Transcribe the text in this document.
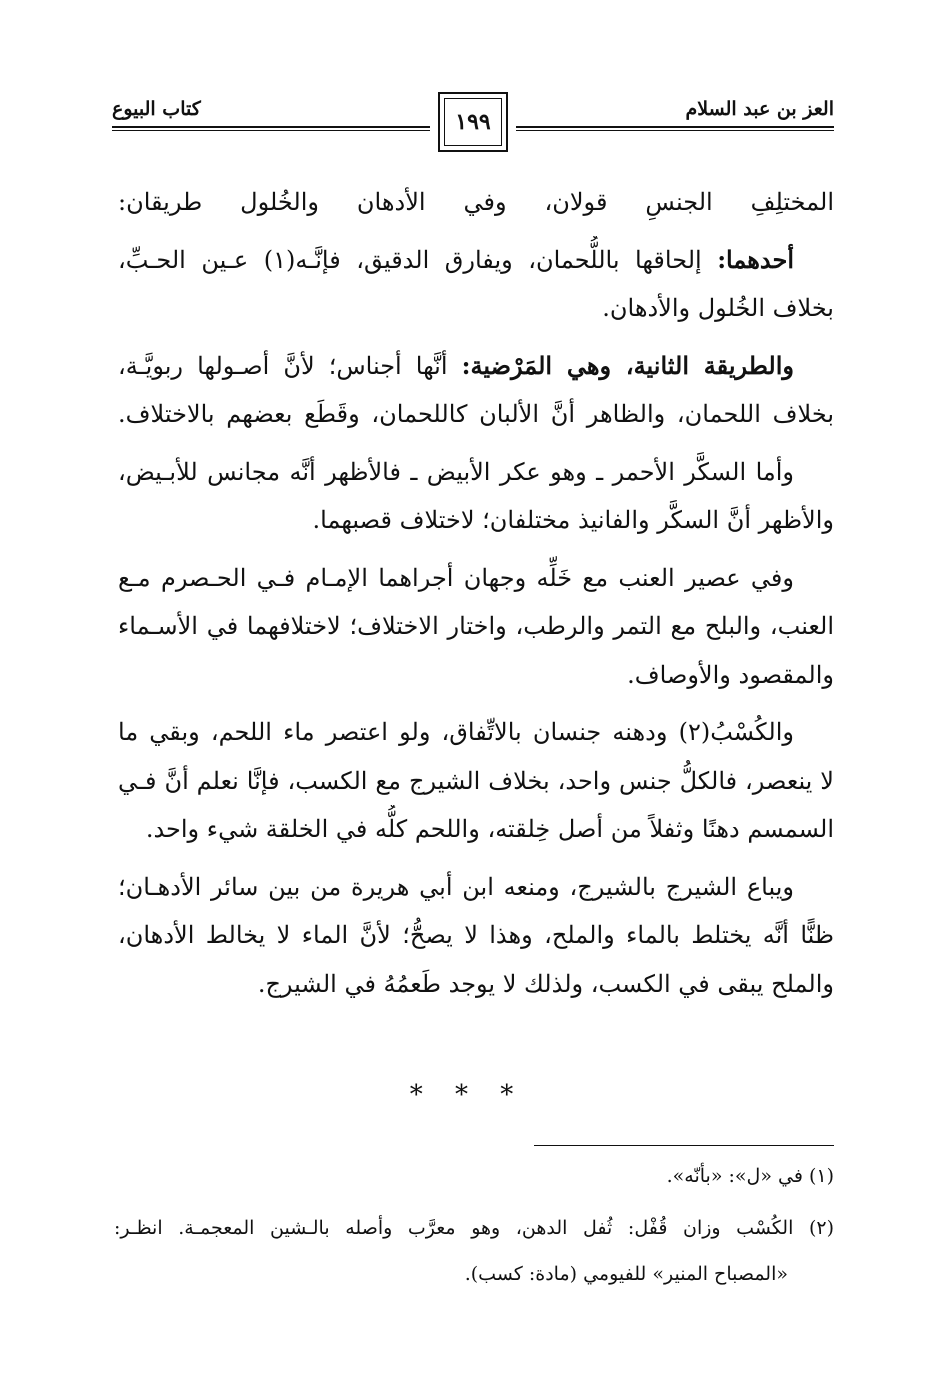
العز بن عبد السلام
١٩٩
كتاب البيوع
المختلِفِ الجنسِ قولان، وفي الأدهان والخُلول طريقان:
أحدهما: إلحاقها باللُّحمان، ويفارق الدقيق، فإنَّـه(١) عـين الحـبِّ،
بخلاف الخُلول والأدهان.
والطريقة الثانية، وهي المَرْضية: أنَّها أجناس؛ لأنَّ أصـولها ربويَّـة،
بخلاف اللحمان، والظاهر أنَّ الألبان كاللحمان، وقَطَع بعضهم بالاختلاف.
وأما السكَّر الأحمر ـ وهو عكر الأبيض ـ فالأظهر أنَّه مجانس للأبـيض،
والأظهر أنَّ السكَّر والفانيذ مختلفان؛ لاختلاف قصبهما.
وفي عصير العنب مع خَلِّه وجهان أجراهما الإمـام فـي الحـصرم مـع
العنب، والبلح مع التمر والرطب، واختار الاختلاف؛ لاختلافهما في الأسـماء
والمقصود والأوصاف.
والكُسْبُ(٢) ودهنه جنسان بالاتِّفاق، ولو اعتصر ماء اللحم، وبقي ما
لا ينعصر، فالكلُّ جنس واحد، بخلاف الشيرج مع الكسب، فإنَّا نعلم أنَّ فـي
السمسم دهنًا وثفلاً من أصل خِلقته، واللحم كلُّه في الخلقة شيء واحد.
ويباع الشيرج بالشيرج، ومنعه ابن أبي هريرة من بين سائر الأدهـان؛
ظنًّا أنَّه يختلط بالماء والملح، وهذا لا يصحُّ؛ لأنَّ الماء لا يخالط الأدهان،
والملح يبقى في الكسب، ولذلك لا يوجد طَعمُهُ في الشيرج.
* * *
(١) في «ل»: «بأنّه».
(٢) الكُسْب وزان قُفْل: ثُفل الدهن، وهو معرَّب وأصله بالـشين المعجمـة. انظـر:
«المصباح المنير» للفيومي (مادة: كسب).
